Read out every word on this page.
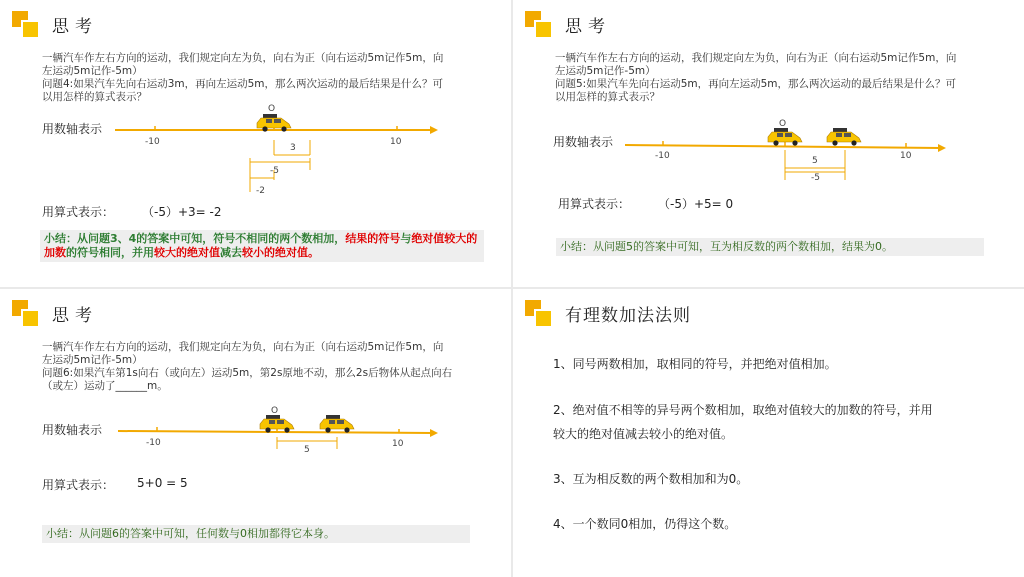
思考
一辆汽车作左右方向的运动，我们规定向左为负，向右为正（向右运动5m记作5m，向
左运动5m记作-5m）
问题4:如果汽车先向右运动3m，再向左运动5m，那么两次运动的最后结果是什么？可
以用怎样的算式表示？
用数轴表示
-10
O
10
3
-5
-2
用算式表示： （-5）+3= -2
小结：从问题3、4的答案中可知，符号不相同的两个数相加，结果的符号与绝对值较大的加数的符号相同，并用较大的绝对值减去较小的绝对值。
思考
一辆汽车作左右方向的运动，我们规定向左为负，向右为正（向右运动5m记作5m，向
左运动5m记作-5m）
问题5:如果汽车先向右运动5m，再向左运动5m，那么两次运动的最后结果是什么？可
以用怎样的算式表示？
用数轴表示
-10
O
10
5
-5
用算式表示： （-5）+5= 0
小结：从问题5的答案中可知，互为相反数的两个数相加，结果为0。
思考
一辆汽车作左右方向的运动，我们规定向左为负，向右为正（向右运动5m记作5m，向
左运动5m记作-5m）
问题6:如果汽车第1s向右（或向左）运动5m，第2s原地不动，那么2s后物体从起点向右
（或左）运动了______m。
用数轴表示
-10
O
10
5
用算式表示： 5+0 = 5
小结：从问题6的答案中可知，任何数与0相加都得它本身。
有理数加法法则
1、同号两数相加，取相同的符号，并把绝对值相加。
2、绝对值不相等的异号两个数相加，取绝对值较大的加数的符号，并用
较大的绝对值减去较小的绝对值。
3、互为相反数的两个数相加和为0。
4、一个数同0相加，仍得这个数。
